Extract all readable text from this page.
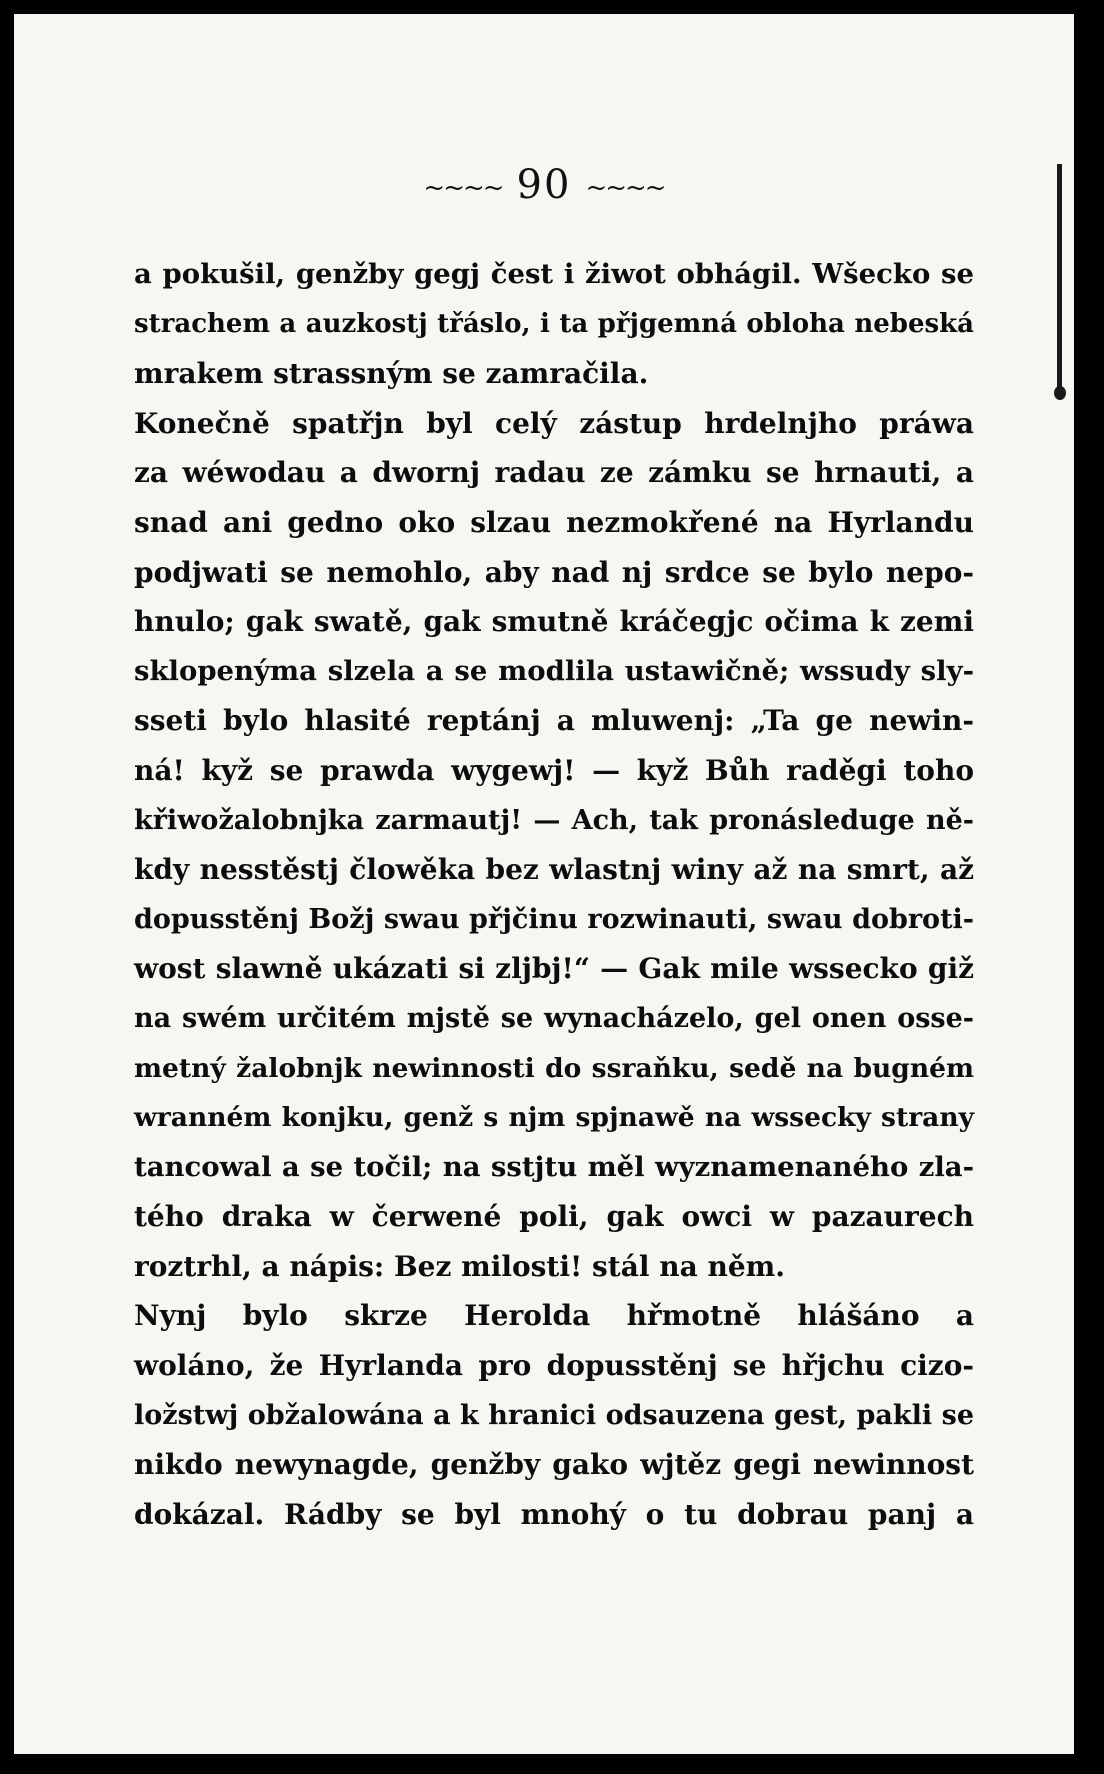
~~~~ 90 ~~~~
a pokušil, genžby gegj čest i žiwot obhágil. Wšecko se
strachem a auzkostj třáslo, i ta přjgemná obloha nebeská
mrakem strassným se zamračila.
Konečně spatřjn byl celý zástup hrdelnjho práwa
za wéwodau a dwornj radau ze zámku se hrnauti, a
snad ani gedno oko slzau nezmokřené na Hyrlandu
podjwati se nemohlo, aby nad nj srdce se bylo nepo-
hnulo; gak swatě, gak smutně kráčegjc očima k zemi
sklopenýma slzela a se modlila ustawičně; wssudy sly-
sseti bylo hlasité reptánj a mluwenj: „Ta ge newin-
ná! kyž se prawda wygewj! — kyž Bůh raděgi toho
křiwožalobnjka zarmautj! — Ach, tak pronásleduge ně-
kdy nesstěstj člowěka bez wlastnj winy až na smrt, až
dopusstěnj Božj swau přjčinu rozwinauti, swau dobroti-
wost slawně ukázati si zljbj!“ — Gak mile wssecko giž
na swém určitém mjstě se wynacházelo, gel onen osse-
metný žalobnjk newinnosti do ssraňku, sedě na bugném
wranném konjku, genž s njm spjnawě na wssecky strany
tancowal a se točil; na sstjtu měl wyznamenaného zla-
tého draka w čerwené poli, gak owci w pazaurech
roztrhl, a nápis: Bez milosti! stál na něm.
Nynj bylo skrze Herolda hřmotně hlášáno a
woláno, že Hyrlanda pro dopusstěnj se hřjchu cizo-
ložstwj obžalowána a k hranici odsauzena gest, pakli se
nikdo newynagde, genžby gako wjtěz gegi newinnost
dokázal. Rádby se byl mnohý o tu dobrau panj a
